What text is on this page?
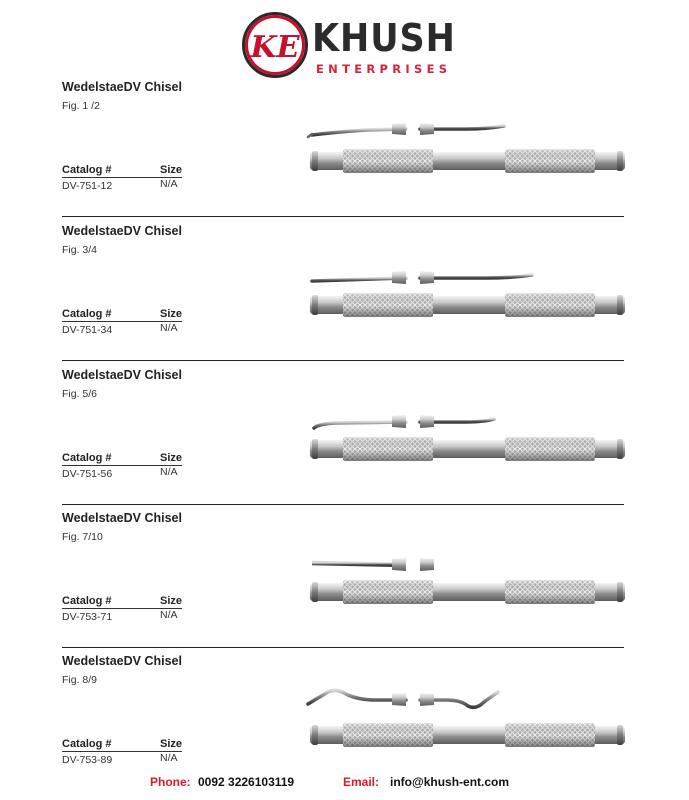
KE KHUSH
ENTERPRISES
WedelstaeDV Chisel
Fig. 1 /2
Catalog #	Size
DV-751-12	N/A
WedelstaeDV Chisel
Fig. 3/4
Catalog #	Size
DV-751-34	N/A
WedelstaeDV Chisel
Fig. 5/6
Catalog #	Size
DV-751-56	N/A
WedelstaeDV Chisel
Fig. 7/10
Catalog #	Size
DV-753-71	N/A
WedelstaeDV Chisel
Fig. 8/9
Catalog #	Size
DV-753-89	N/A
Phone: 0092 3226103119	Email: info@khush-ent.com
